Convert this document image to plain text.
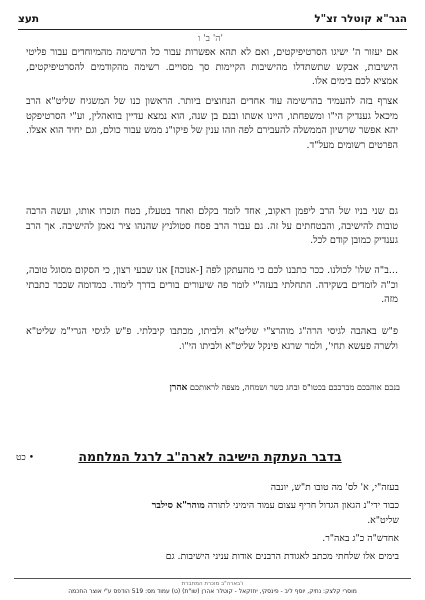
הגר"א קוטלר זצ"ל
תעצ
ה' ב' ו'
אם יעזור ה' ישיגו הסרטיפיקטים, ואם לא תהא אפשרות עבור כל הרשימה מהמיוחדים עבור פליטי הישיבות, אבקש שתשתדלו מהישיבות הקיימות סך מסויים. רשימה מהקודמים להסרטיפיקטים, אמציא לכם בימים אלו.
אצרף בזה להעמיד בהרשימה עוד אחדים הנחוצים ביותר. הראשון כנו של המשגיח שליט"א הרב מיכאל גענדיק הי"ו ומשפחתו, היינו אשתו ובנם בן שנה, הוא נמצא עדיין בוואהלין, וע"י הסרטיפקט יהא אפשר שרשיון הממשלה להעבירם לפה וזהו ענין של פיקו"נ ממש עבור כולם, וגם יחיד הוא אצלו. הפרטים רשומים מעל"ד.
גם שני בניו של הרב ליפמן ראקוב, אחד לומד בקלם ואחד בטעלז, בטח תזכרו אותו, ועשה הרבה טובות להישיבה, והבטחתים על זה. גם עבור הרב פסח סטולניץ שהנהו ציר נאמן להישיבה. אך הרב גענדיק כמובן קודם לכל.
...ב"ה שלו' לכולנו. ככר כתבנו לכם כי מהעתקן לפה [-אנוכה] אנו שבעי רצון, כי הסקום מסוגל טובה, וכ"ה לומדים בשקידה. התחלתי בעזה"י לומר פה שיעורים בורים בדרך לימוד. כמדומה שככר כתבתי מזה.
פ"ש באהבה לגיסי הרה"ג מוהרצ"י שליט"א ולביתו, מכתבו קיבלתי. פ"ש לגיסי הגרי"מ שליט"א ולשרה פעשא תחי', ולמר שרגא פינקל שליט"א ולביתו הי"ו.
בנכם אוהבכם מברככם בכטו"ס ובחג כשר ושמחה, מצפה לראותכם אהרן
כט •	בדבר העתקת הישיבה לארה"ב לרגל המלחמה
בעזה"י, א' לס' מה טובו ת"ש, יונבה
כבוד ידי"נ הגאון הגדול חריף עצום עמוד הימיני לתורה מוהר"א סילבר
שליט"א.
אחדש"ה כ"ג באה"ר.
בימים אלו שלחתי מכתב לאגודת הרבנים אודות עניני הישיבות. גם
ו'בארה"ב מוכרת המחברת
מוסרי קלצק: נתיק, יוסף ליב - פינסקי, יחזקאל - קוטלר אהרן (שו"ת) (ט) עמוד מס: 519 הודפס ע"י אוצר החכמה
